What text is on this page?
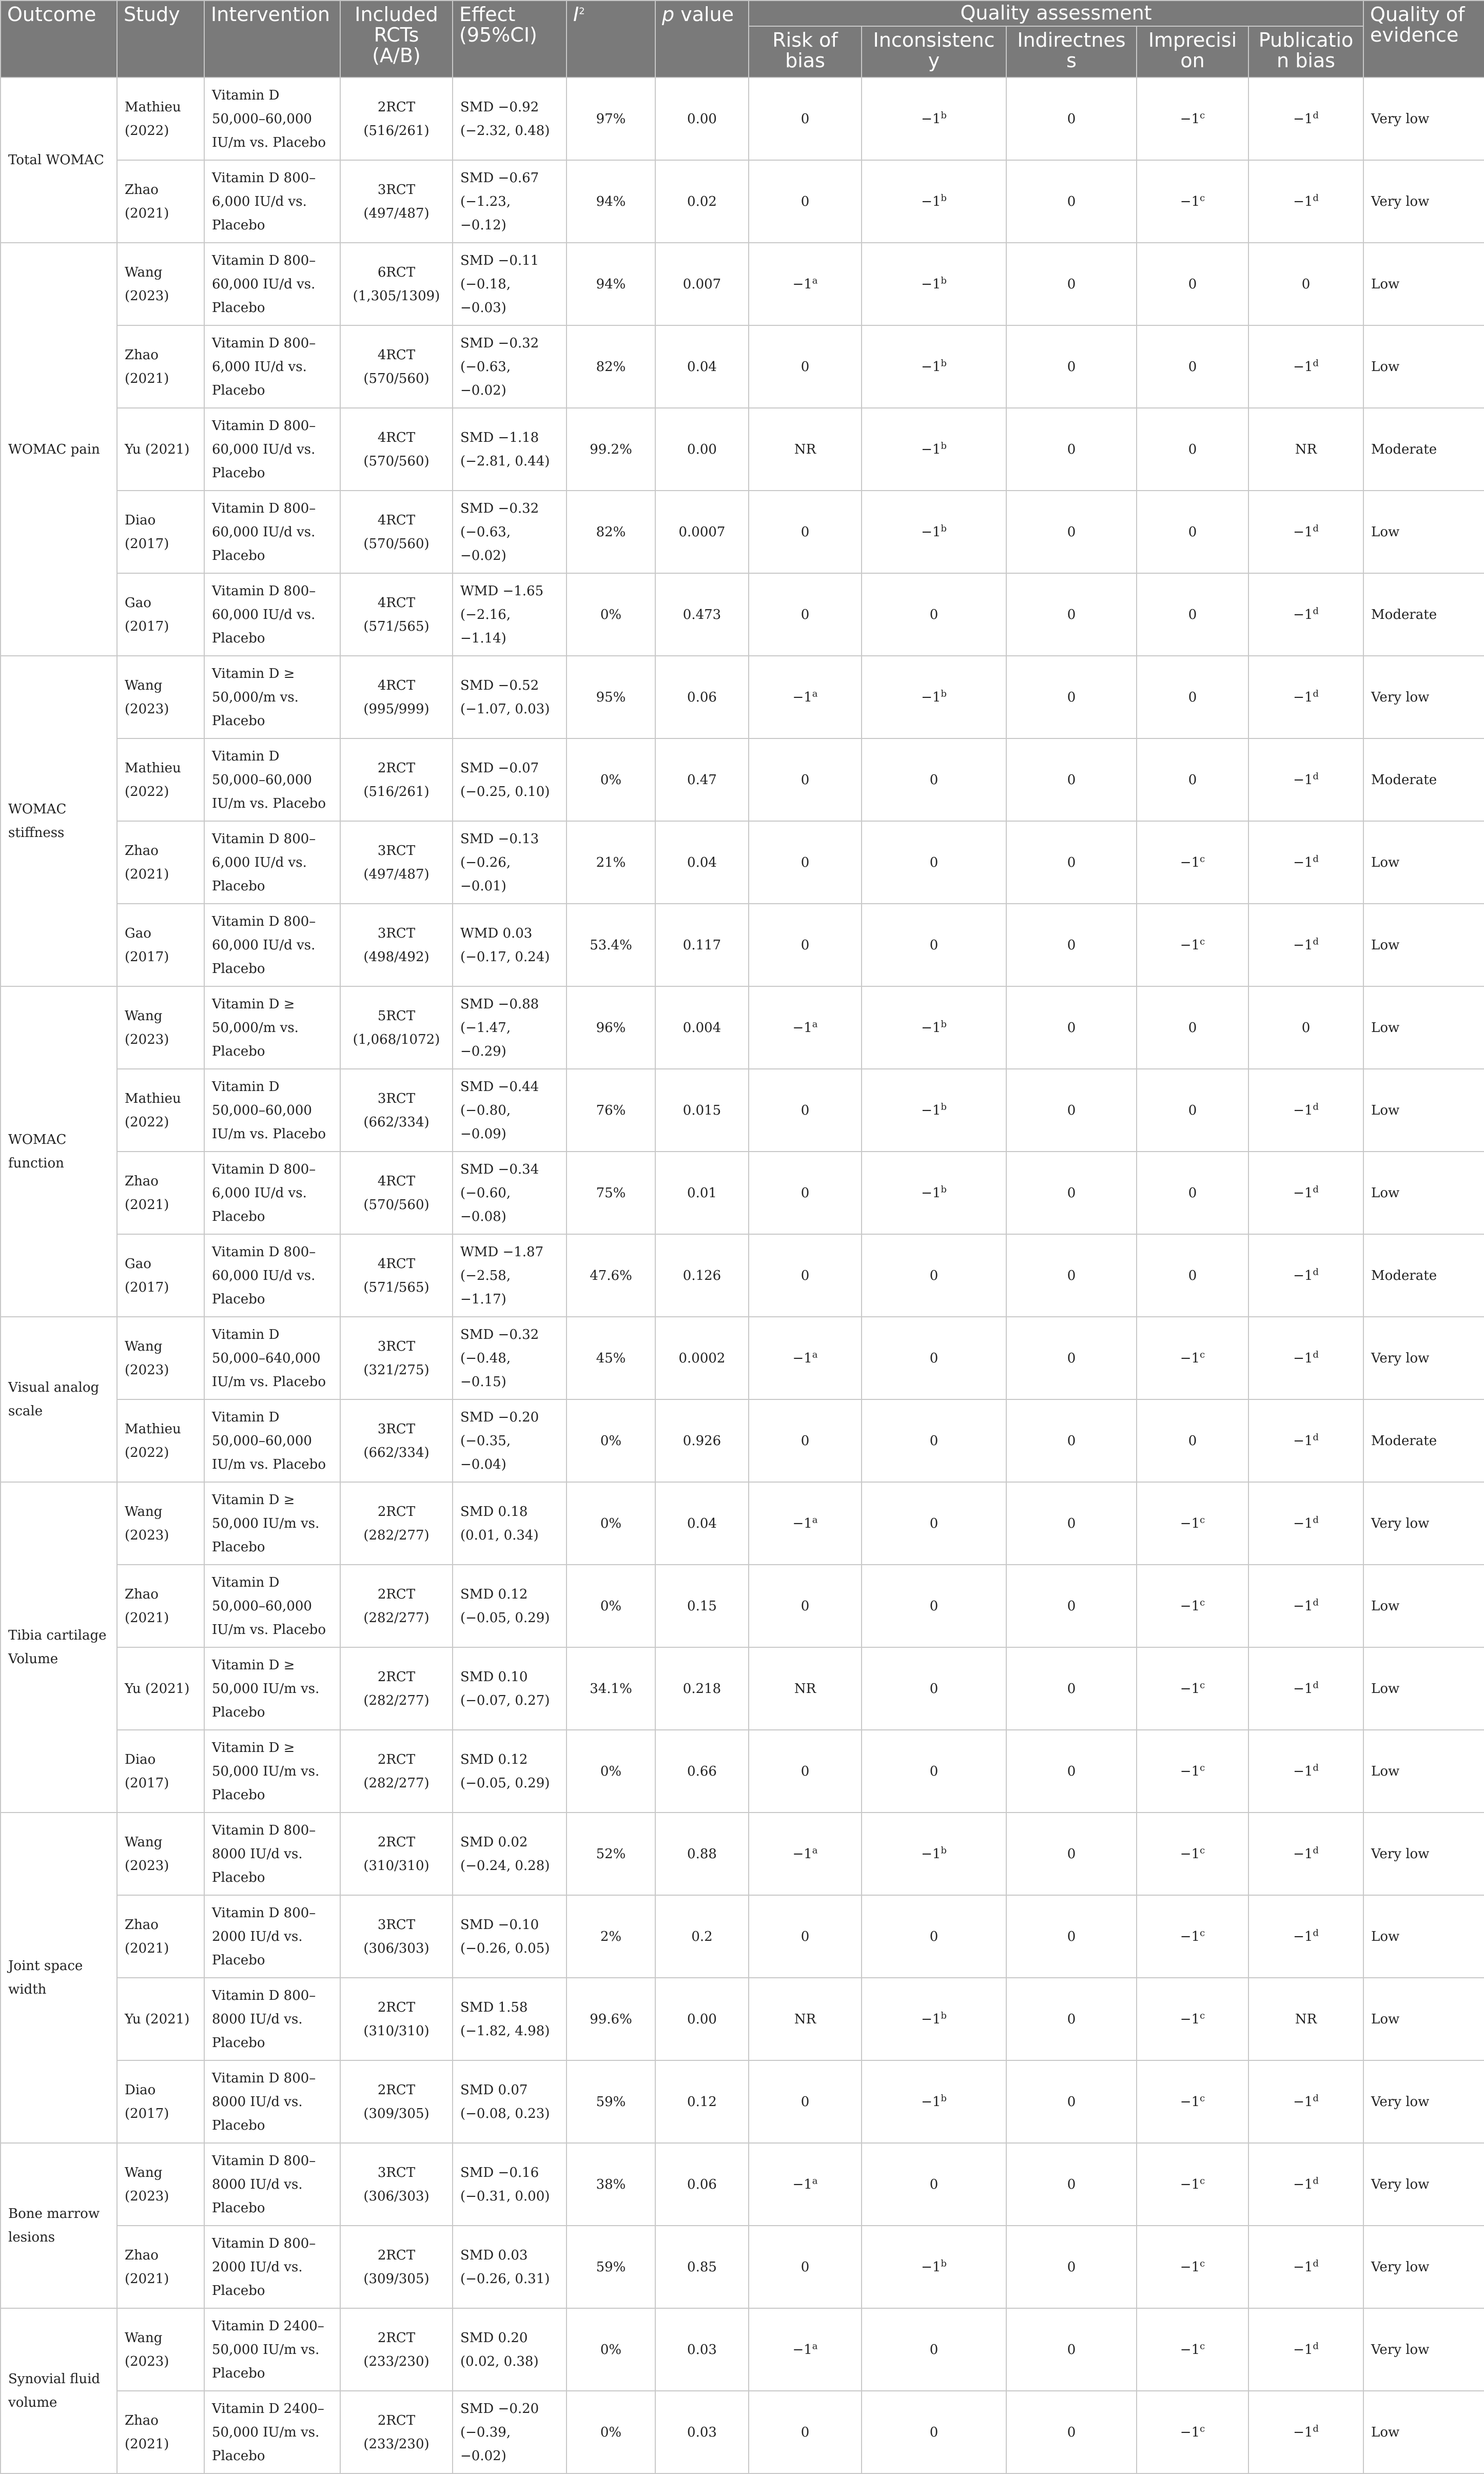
Outcome	Study	Intervention	Included RCTs (A/B)	Effect (95%CI)	$I^2$	p value	Quality assessment					Quality of evidence
							Risk of bias	Inconsistency	Indirectness	Imprecision	Publication bias	
Total WOMAC	Mathieu (2022)	Vitamin D 50,000–60,000 IU/m vs. Placebo	2RCT (516/261)	SMD −0.92 (−2.32, 0.48)	97%	0.00	0	$-1^b$	0	$-1^c$	$-1^d$	Very low
	Zhao (2021)	Vitamin D 800–6,000 IU/d vs. Placebo	3RCT (497/487)	SMD −0.67 (−1.23, −0.12)	94%	0.02	0	$-1^b$	0	$-1^c$	$-1^d$	Very low
WOMAC pain	Wang (2023)	Vitamin D 800–60,000 IU/d vs. Placebo	6RCT (1,305/1309)	SMD −0.11 (−0.18, −0.03)	94%	0.007	$-1^a$	$-1^b$	0	0	0	Low
	Zhao (2021)	Vitamin D 800–6,000 IU/d vs. Placebo	4RCT (570/560)	SMD −0.32 (−0.63, −0.02)	82%	0.04	0	$-1^b$	0	0	$-1^d$	Low
	Yu (2021)	Vitamin D 800–60,000 IU/d vs. Placebo	4RCT (570/560)	SMD −1.18 (−2.81, 0.44)	99.2%	0.00	NR	$-1^b$	0	0	NR	Moderate
	Diao (2017)	Vitamin D 800–60,000 IU/d vs. Placebo	4RCT (570/560)	SMD −0.32 (−0.63, −0.02)	82%	0.0007	0	$-1^b$	0	0	$-1^d$	Low
	Gao (2017)	Vitamin D 800–60,000 IU/d vs. Placebo	4RCT (571/565)	WMD −1.65 (−2.16, −1.14)	0%	0.473	0	0	0	0	$-1^d$	Moderate
WOMAC stiffness	Wang (2023)	Vitamin D ≥ 50,000/m vs. Placebo	4RCT (995/999)	SMD −0.52 (−1.07, 0.03)	95%	0.06	$-1^a$	$-1^b$	0	0	$-1^d$	Very low
	Mathieu (2022)	Vitamin D 50,000–60,000 IU/m vs. Placebo	2RCT (516/261)	SMD −0.07 (−0.25, 0.10)	0%	0.47	0	0	0	0	$-1^d$	Moderate
	Zhao (2021)	Vitamin D 800–6,000 IU/d vs. Placebo	3RCT (497/487)	SMD −0.13 (−0.26, −0.01)	21%	0.04	0	0	0	$-1^c$	$-1^d$	Low
	Gao (2017)	Vitamin D 800–60,000 IU/d vs. Placebo	3RCT (498/492)	WMD 0.03 (−0.17, 0.24)	53.4%	0.117	0	0	0	$-1^c$	$-1^d$	Low
WOMAC function	Wang (2023)	Vitamin D ≥ 50,000/m vs. Placebo	5RCT (1,068/1072)	SMD −0.88 (−1.47, −0.29)	96%	0.004	$-1^a$	$-1^b$	0	0	0	Low
	Mathieu (2022)	Vitamin D 50,000–60,000 IU/m vs. Placebo	3RCT (662/334)	SMD −0.44 (−0.80, −0.09)	76%	0.015	0	$-1^b$	0	0	$-1^d$	Low
	Zhao (2021)	Vitamin D 800–6,000 IU/d vs. Placebo	4RCT (570/560)	SMD −0.34 (−0.60, −0.08)	75%	0.01	0	$-1^b$	0	0	$-1^d$	Low
	Gao (2017)	Vitamin D 800–60,000 IU/d vs. Placebo	4RCT (571/565)	WMD −1.87 (−2.58, −1.17)	47.6%	0.126	0	0	0	0	$-1^d$	Moderate
Visual analog scale	Wang (2023)	Vitamin D 50,000–640,000 IU/m vs. Placebo	3RCT (321/275)	SMD −0.32 (−0.48, −0.15)	45%	0.0002	$-1^a$	0	0	$-1^c$	$-1^d$	Very low
	Mathieu (2022)	Vitamin D 50,000–60,000 IU/m vs. Placebo	3RCT (662/334)	SMD −0.20 (−0.35, −0.04)	0%	0.926	0	0	0	0	$-1^d$	Moderate
Tibia cartilage Volume	Wang (2023)	Vitamin D ≥ 50,000 IU/m vs. Placebo	2RCT (282/277)	SMD 0.18 (0.01, 0.34)	0%	0.04	$-1^a$	0	0	$-1^c$	$-1^d$	Very low
	Zhao (2021)	Vitamin D 50,000–60,000 IU/m vs. Placebo	2RCT (282/277)	SMD 0.12 (−0.05, 0.29)	0%	0.15	0	0	0	$-1^c$	$-1^d$	Low
	Yu (2021)	Vitamin D ≥ 50,000 IU/m vs. Placebo	2RCT (282/277)	SMD 0.10 (−0.07, 0.27)	34.1%	0.218	NR	0	0	$-1^c$	$-1^d$	Low
	Diao (2017)	Vitamin D ≥ 50,000 IU/m vs. Placebo	2RCT (282/277)	SMD 0.12 (−0.05, 0.29)	0%	0.66	0	0	0	$-1^c$	$-1^d$	Low
Joint space width	Wang (2023)	Vitamin D 800–8000 IU/d vs. Placebo	2RCT (310/310)	SMD 0.02 (−0.24, 0.28)	52%	0.88	$-1^a$	$-1^b$	0	$-1^c$	$-1^d$	Very low
	Zhao (2021)	Vitamin D 800–2000 IU/d vs. Placebo	3RCT (306/303)	SMD −0.10 (−0.26, 0.05)	2%	0.2	0	0	0	$-1^c$	$-1^d$	Low
	Yu (2021)	Vitamin D 800–8000 IU/d vs. Placebo	2RCT (310/310)	SMD 1.58 (−1.82, 4.98)	99.6%	0.00	NR	$-1^b$	0	$-1^c$	NR	Low
	Diao (2017)	Vitamin D 800–8000 IU/d vs. Placebo	2RCT (309/305)	SMD 0.07 (−0.08, 0.23)	59%	0.12	0	$-1^b$	0	$-1^c$	$-1^d$	Very low
Bone marrow lesions	Wang (2023)	Vitamin D 800–8000 IU/d vs. Placebo	3RCT (306/303)	SMD −0.16 (−0.31, 0.00)	38%	0.06	$-1^a$	0	0	$-1^c$	$-1^d$	Very low
	Zhao (2021)	Vitamin D 800–2000 IU/d vs. Placebo	2RCT (309/305)	SMD 0.03 (−0.26, 0.31)	59%	0.85	0	$-1^b$	0	$-1^c$	$-1^d$	Very low
Synovial fluid volume	Wang (2023)	Vitamin D 2400–50,000 IU/m vs. Placebo	2RCT (233/230)	SMD 0.20 (0.02, 0.38)	0%	0.03	$-1^a$	0	0	$-1^c$	$-1^d$	Very low
	Zhao (2021)	Vitamin D 2400–50,000 IU/m vs. Placebo	2RCT (233/230)	SMD −0.20 (−0.39, −0.02)	0%	0.03	0	0	0	$-1^c$	$-1^d$	Low
